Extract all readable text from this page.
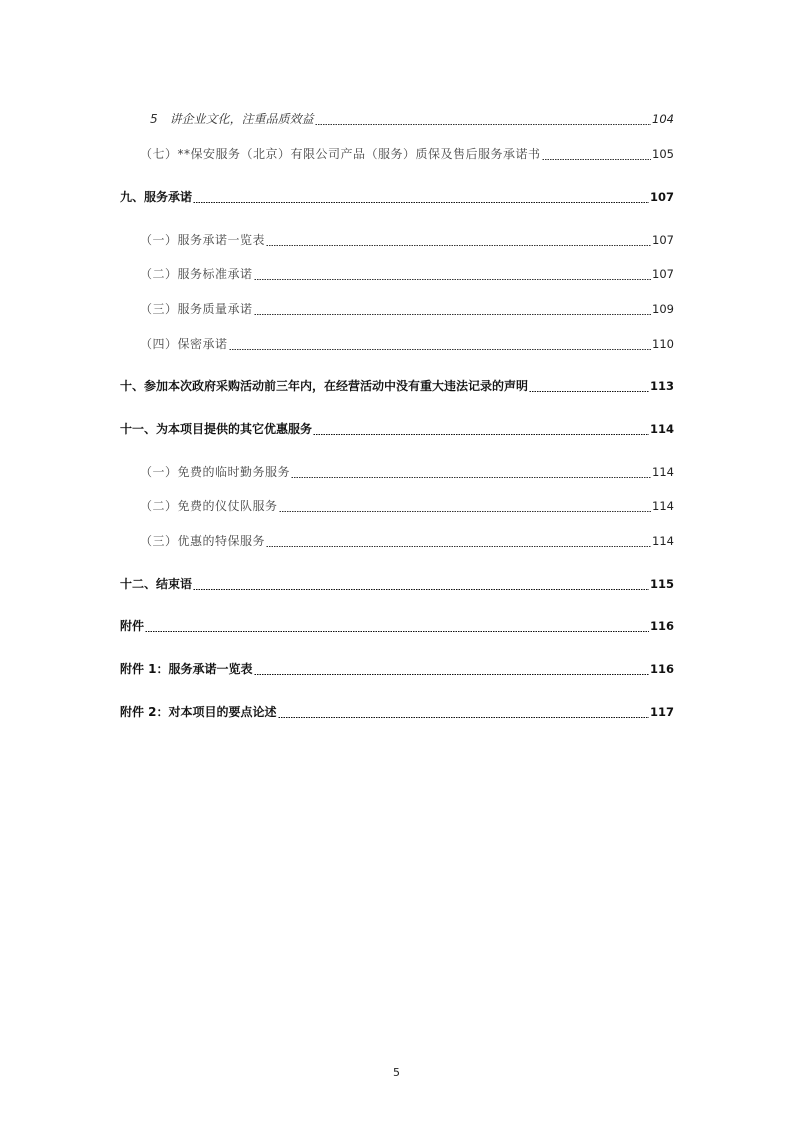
5　讲企业文化，注重品质效益	104
（七）**保安服务（北京）有限公司产品（服务）质保及售后服务承诺书	105
九、服务承诺	107
（一）服务承诺一览表	107
（二）服务标准承诺	107
（三）服务质量承诺	109
（四）保密承诺	110
十、参加本次政府采购活动前三年内，在经营活动中没有重大违法记录的声明	113
十一、为本项目提供的其它优惠服务	114
（一）免费的临时勤务服务	114
（二）免费的仪仗队服务	114
（三）优惠的特保服务	114
十二、结束语	115
附件	116
附件 1：服务承诺一览表	116
附件 2：对本项目的要点论述	117
5
